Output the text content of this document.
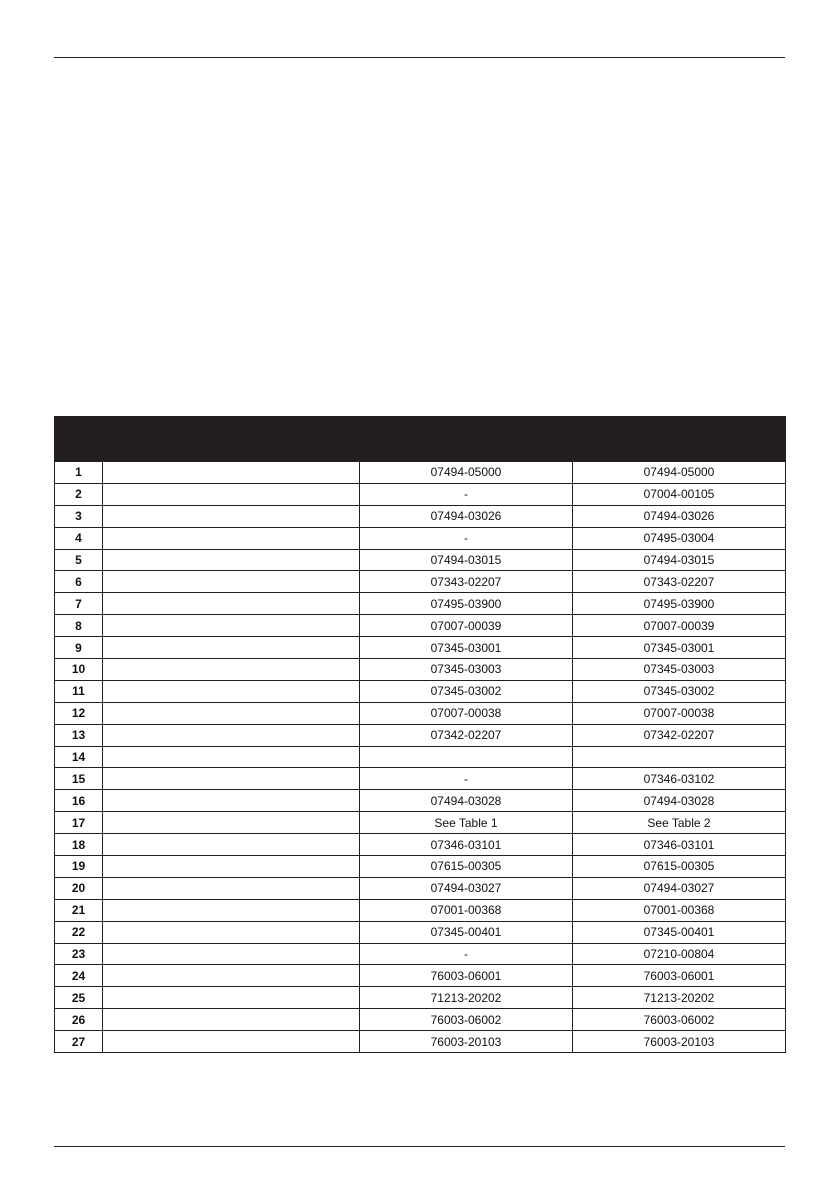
1		07494-05000	07494-05000
2		-	07004-00105
3		07494-03026	07494-03026
4		-	07495-03004
5		07494-03015	07494-03015
6		07343-02207	07343-02207
7		07495-03900	07495-03900
8		07007-00039	07007-00039
9		07345-03001	07345-03001
10		07345-03003	07345-03003
11		07345-03002	07345-03002
12		07007-00038	07007-00038
13		07342-02207	07342-02207
14			
15		-	07346-03102
16		07494-03028	07494-03028
17		See Table 1	See Table 2
18		07346-03101	07346-03101
19		07615-00305	07615-00305
20		07494-03027	07494-03027
21		07001-00368	07001-00368
22		07345-00401	07345-00401
23		-	07210-00804
24		76003-06001	76003-06001
25		71213-20202	71213-20202
26		76003-06002	76003-06002
27		76003-20103	76003-20103
